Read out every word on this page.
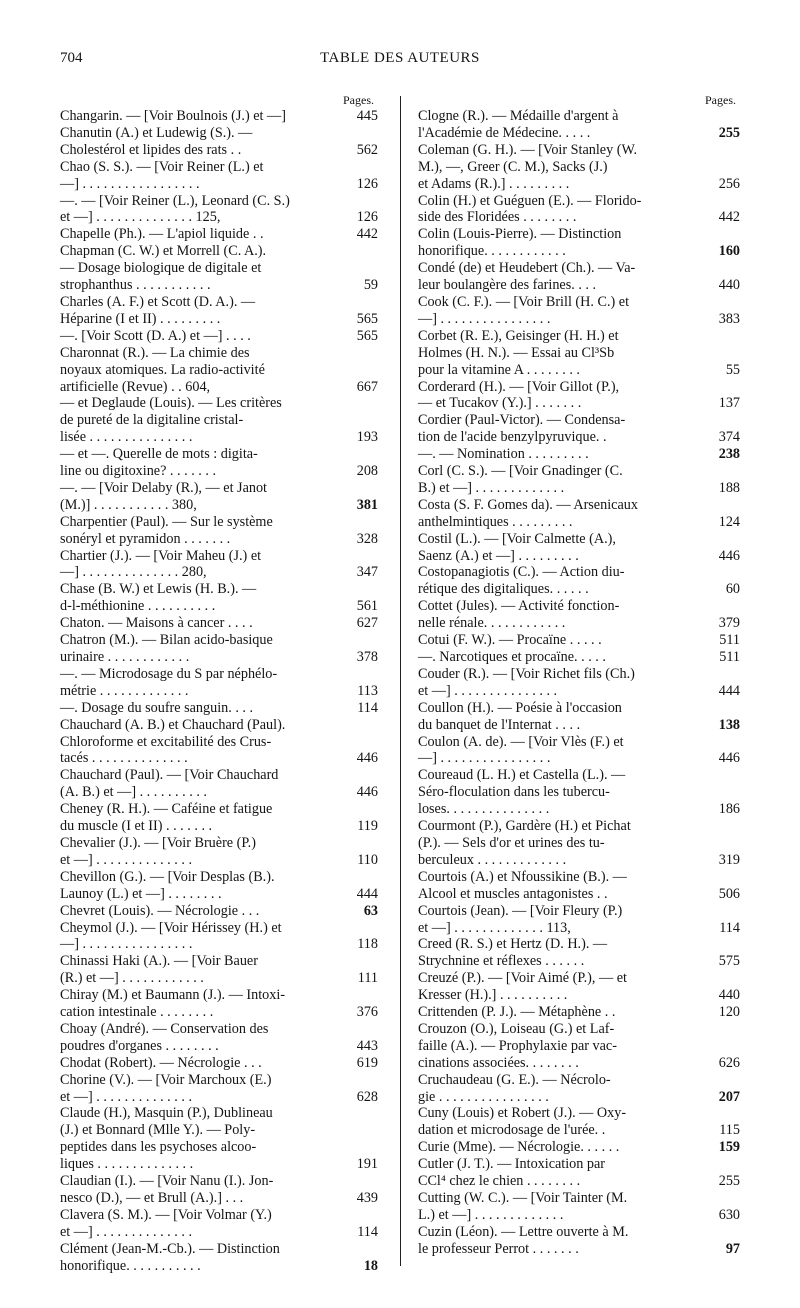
704	TABLE DES AUTEURS
Pages.
Changarin. — [Voir Boulnois (J.) et —]	445
Chanutin (A.) et Ludewig (S.). —
Cholestérol et lipides des rats . .	562
Chao (S. S.). — [Voir Reiner (L.) et
—] . . . . . . . . . . . . . . . . .	126
—. — [Voir Reiner (L.), Leonard (C. S.)
et —] . . . . . . . . . . . . . . 125,	126
Chapelle (Ph.). — L'apiol liquide . .	442
Chapman (C. W.) et Morrell (C. A.).
— Dosage biologique de digitale et
strophanthus . . . . . . . . . . .	59
Charles (A. F.) et Scott (D. A.). —
Héparine (I et II) . . . . . . . . .	565
—. [Voir Scott (D. A.) et —] . . . .	565
Charonnat (R.). — La chimie des
noyaux atomiques. La radio-activité
artificielle (Revue) . . 604,	667
— et Deglaude (Louis). — Les critères
de pureté de la digitaline cristal-
lisée . . . . . . . . . . . . . . .	193
— et —. Querelle de mots : digita-
line ou digitoxine? . . . . . . .	208
—. — [Voir Delaby (R.), — et Janot
(M.)] . . . . . . . . . . . 380,	381
Charpentier (Paul). — Sur le système
sonéryl et pyramidon . . . . . . .	328
Chartier (J.). — [Voir Maheu (J.) et
—] . . . . . . . . . . . . . . 280,	347
Chase (B. W.) et Lewis (H. B.). —
d-l-méthionine . . . . . . . . . .	561
Chaton. — Maisons à cancer . . . .	627
Chatron (M.). — Bilan acido-basique
urinaire . . . . . . . . . . . .	378
—. — Microdosage du S par néphélo-
métrie . . . . . . . . . . . . .	113
—. Dosage du soufre sanguin. . . .	114
Chauchard (A. B.) et Chauchard (Paul).
Chloroforme et excitabilité des Crus-
tacés . . . . . . . . . . . . . .	446
Chauchard (Paul). — [Voir Chauchard
(A. B.) et —] . . . . . . . . . .	446
Cheney (R. H.). — Caféine et fatigue
du muscle (I et II) . . . . . . .	119
Chevalier (J.). — [Voir Bruère (P.)
et —] . . . . . . . . . . . . . .	110
Chevillon (G.). — [Voir Desplas (B.).
Launoy (L.) et —] . . . . . . . .	444
Chevret (Louis). — Nécrologie . . .	63
Cheymol (J.). — [Voir Hérissey (H.) et
—] . . . . . . . . . . . . . . . .	118
Chinassi Haki (A.). — [Voir Bauer
(R.) et —] . . . . . . . . . . . .	111
Chiray (M.) et Baumann (J.). — Intoxi-
cation intestinale . . . . . . . .	376
Choay (André). — Conservation des
poudres d'organes . . . . . . . .	443
Chodat (Robert). — Nécrologie . . .	619
Chorine (V.). — [Voir Marchoux (E.)
et —] . . . . . . . . . . . . . .	628
Claude (H.), Masquin (P.), Dublineau
(J.) et Bonnard (Mlle Y.). — Poly-
peptides dans les psychoses alcoo-
liques . . . . . . . . . . . . . .	191
Claudian (I.). — [Voir Nanu (I.). Jon-
nesco (D.), — et Brull (A.).] . . .	439
Clavera (S. M.). — [Voir Volmar (Y.)
et —] . . . . . . . . . . . . . .	114
Clément (Jean-M.-Cb.). — Distinction
honorifique. . . . . . . . . . .	18
Pages.
Clogne (R.). — Médaille d'argent à
l'Académie de Médecine. . . . .	255
Coleman (G. H.). — [Voir Stanley (W.
M.), —, Greer (C. M.), Sacks (J.)
et Adams (R.).] . . . . . . . . .	256
Colin (H.) et Guéguen (E.). — Florido-
side des Floridées . . . . . . . .	442
Colin (Louis-Pierre). — Distinction
honorifique. . . . . . . . . . . .	160
Condé (de) et Heudebert (Ch.). — Va-
leur boulangère des farines. . . .	440
Cook (C. F.). — [Voir Brill (H. C.) et
—] . . . . . . . . . . . . . . . .	383
Corbet (R. E.), Geisinger (H. H.) et
Holmes (H. N.). — Essai au Cl³Sb
pour la vitamine A . . . . . . . .	55
Corderard (H.). — [Voir Gillot (P.),
— et Tucakov (Y.).] . . . . . . .	137
Cordier (Paul-Victor). — Condensa-
tion de l'acide benzylpyruvique. .	374
—. — Nomination . . . . . . . . .	238
Corl (C. S.). — [Voir Gnadinger (C.
B.) et —] . . . . . . . . . . . . .	188
Costa (S. F. Gomes da). — Arsenicaux
anthelmintiques . . . . . . . . .	124
Costil (L.). — [Voir Calmette (A.),
Saenz (A.) et —] . . . . . . . . .	446
Costopanagiotis (C.). — Action diu-
rétique des digitaliques. . . . . .	60
Cottet (Jules). — Activité fonction-
nelle rénale. . . . . . . . . . . .	379
Cotui (F. W.). — Procaïne . . . . .	511
—. Narcotiques et procaïne. . . . .	511
Couder (R.). — [Voir Richet fils (Ch.)
et —] . . . . . . . . . . . . . . .	444
Coullon (H.). — Poésie à l'occasion
du banquet de l'Internat . . . .	138
Coulon (A. de). — [Voir Vlès (F.) et
—] . . . . . . . . . . . . . . . .	446
Coureaud (L. H.) et Castella (L.). —
Séro-floculation dans les tubercu-
loses. . . . . . . . . . . . . . .	186
Courmont (P.), Gardère (H.) et Pichat
(P.). — Sels d'or et urines des tu-
berculeux . . . . . . . . . . . . .	319
Courtois (A.) et Nfoussikine (B.). —
Alcool et muscles antagonistes . .	506
Courtois (Jean). — [Voir Fleury (P.)
et —] . . . . . . . . . . . . . 113,	114
Creed (R. S.) et Hertz (D. H.). —
Strychnine et réflexes . . . . . .	575
Creuzé (P.). — [Voir Aimé (P.), — et
Kresser (H.).] . . . . . . . . . .	440
Crittenden (P. J.). — Métaphène . .	120
Crouzon (O.), Loiseau (G.) et Laf-
faille (A.). — Prophylaxie par vac-
cinations associées. . . . . . . .	626
Cruchaudeau (G. E.). — Nécrolo-
gie . . . . . . . . . . . . . . . .	207
Cuny (Louis) et Robert (J.). — Oxy-
dation et microdosage de l'urée. .	115
Curie (Mme). — Nécrologie. . . . . .	159
Cutler (J. T.). — Intoxication par
CCl⁴ chez le chien . . . . . . . .	255
Cutting (W. C.). — [Voir Tainter (M.
L.) et —] . . . . . . . . . . . . .	630
Cuzin (Léon). — Lettre ouverte à M.
le professeur Perrot . . . . . . .	97
